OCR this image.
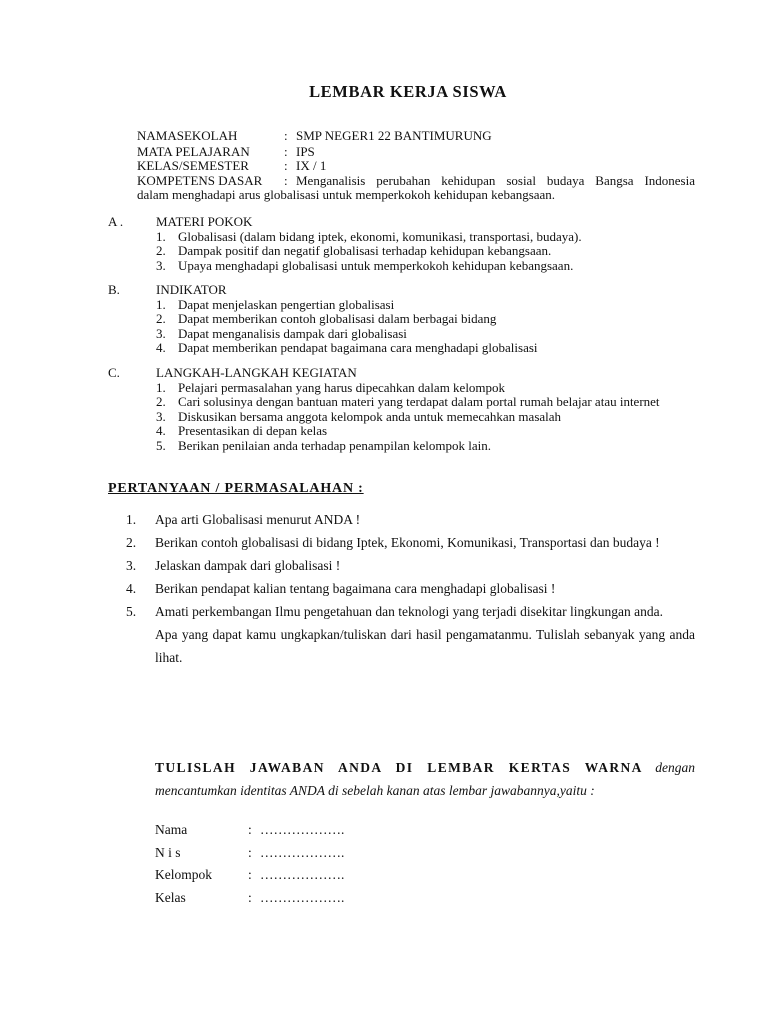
LEMBAR KERJA SISWA
NAMASEKOLAH	: SMP NEGER1 22 BANTIMURUNG
MATA PELAJARAN	: IPS
KELAS/SEMESTER	: IX / 1
KOMPETENS DASAR	: Menganalisis perubahan kehidupan sosial budaya Bangsa Indonesia
dalam menghadapi arus globalisasi untuk memperkokoh kehidupan kebangsaan.
A .	MATERI POKOK
1. Globalisasi (dalam bidang iptek, ekonomi, komunikasi, transportasi, budaya).
2. Dampak positif dan negatif globalisasi terhadap kehidupan kebangsaan.
3. Upaya menghadapi globalisasi untuk memperkokoh kehidupan kebangsaan.
B.	INDIKATOR
1. Dapat menjelaskan pengertian globalisasi
2. Dapat memberikan contoh globalisasi dalam berbagai bidang
3. Dapat menganalisis dampak dari globalisasi
4. Dapat memberikan pendapat bagaimana cara menghadapi globalisasi
C.	LANGKAH-LANGKAH KEGIATAN
1. Pelajari permasalahan yang harus dipecahkan dalam kelompok
2. Cari solusinya dengan bantuan materi yang terdapat dalam portal rumah belajar atau internet
3. Diskusikan bersama anggota kelompok anda untuk memecahkan masalah
4. Presentasikan di depan kelas
5. Berikan penilaian anda terhadap penampilan kelompok lain.
PERTANYAAN / PERMASALAHAN :
1.	Apa arti Globalisasi menurut ANDA !
2.	Berikan contoh globalisasi di bidang Iptek, Ekonomi, Komunikasi, Transportasi dan budaya !
3.	Jelaskan dampak dari globalisasi !
4.	Berikan pendapat kalian tentang bagaimana cara menghadapi globalisasi !
5.	Amati perkembangan Ilmu pengetahuan dan teknologi yang terjadi disekitar lingkungan anda.
Apa yang dapat kamu ungkapkan/tuliskan dari hasil pengamatanmu. Tulislah sebanyak yang anda lihat.
TULISLAH JAWABAN ANDA DI LEMBAR KERTAS WARNA dengan mencantumkan identitas ANDA di sebelah kanan atas lembar jawabannya,yaitu :
Nama	: ……………….
N i s	: ……………….
Kelompok	: ……………….
Kelas	: ……………….
